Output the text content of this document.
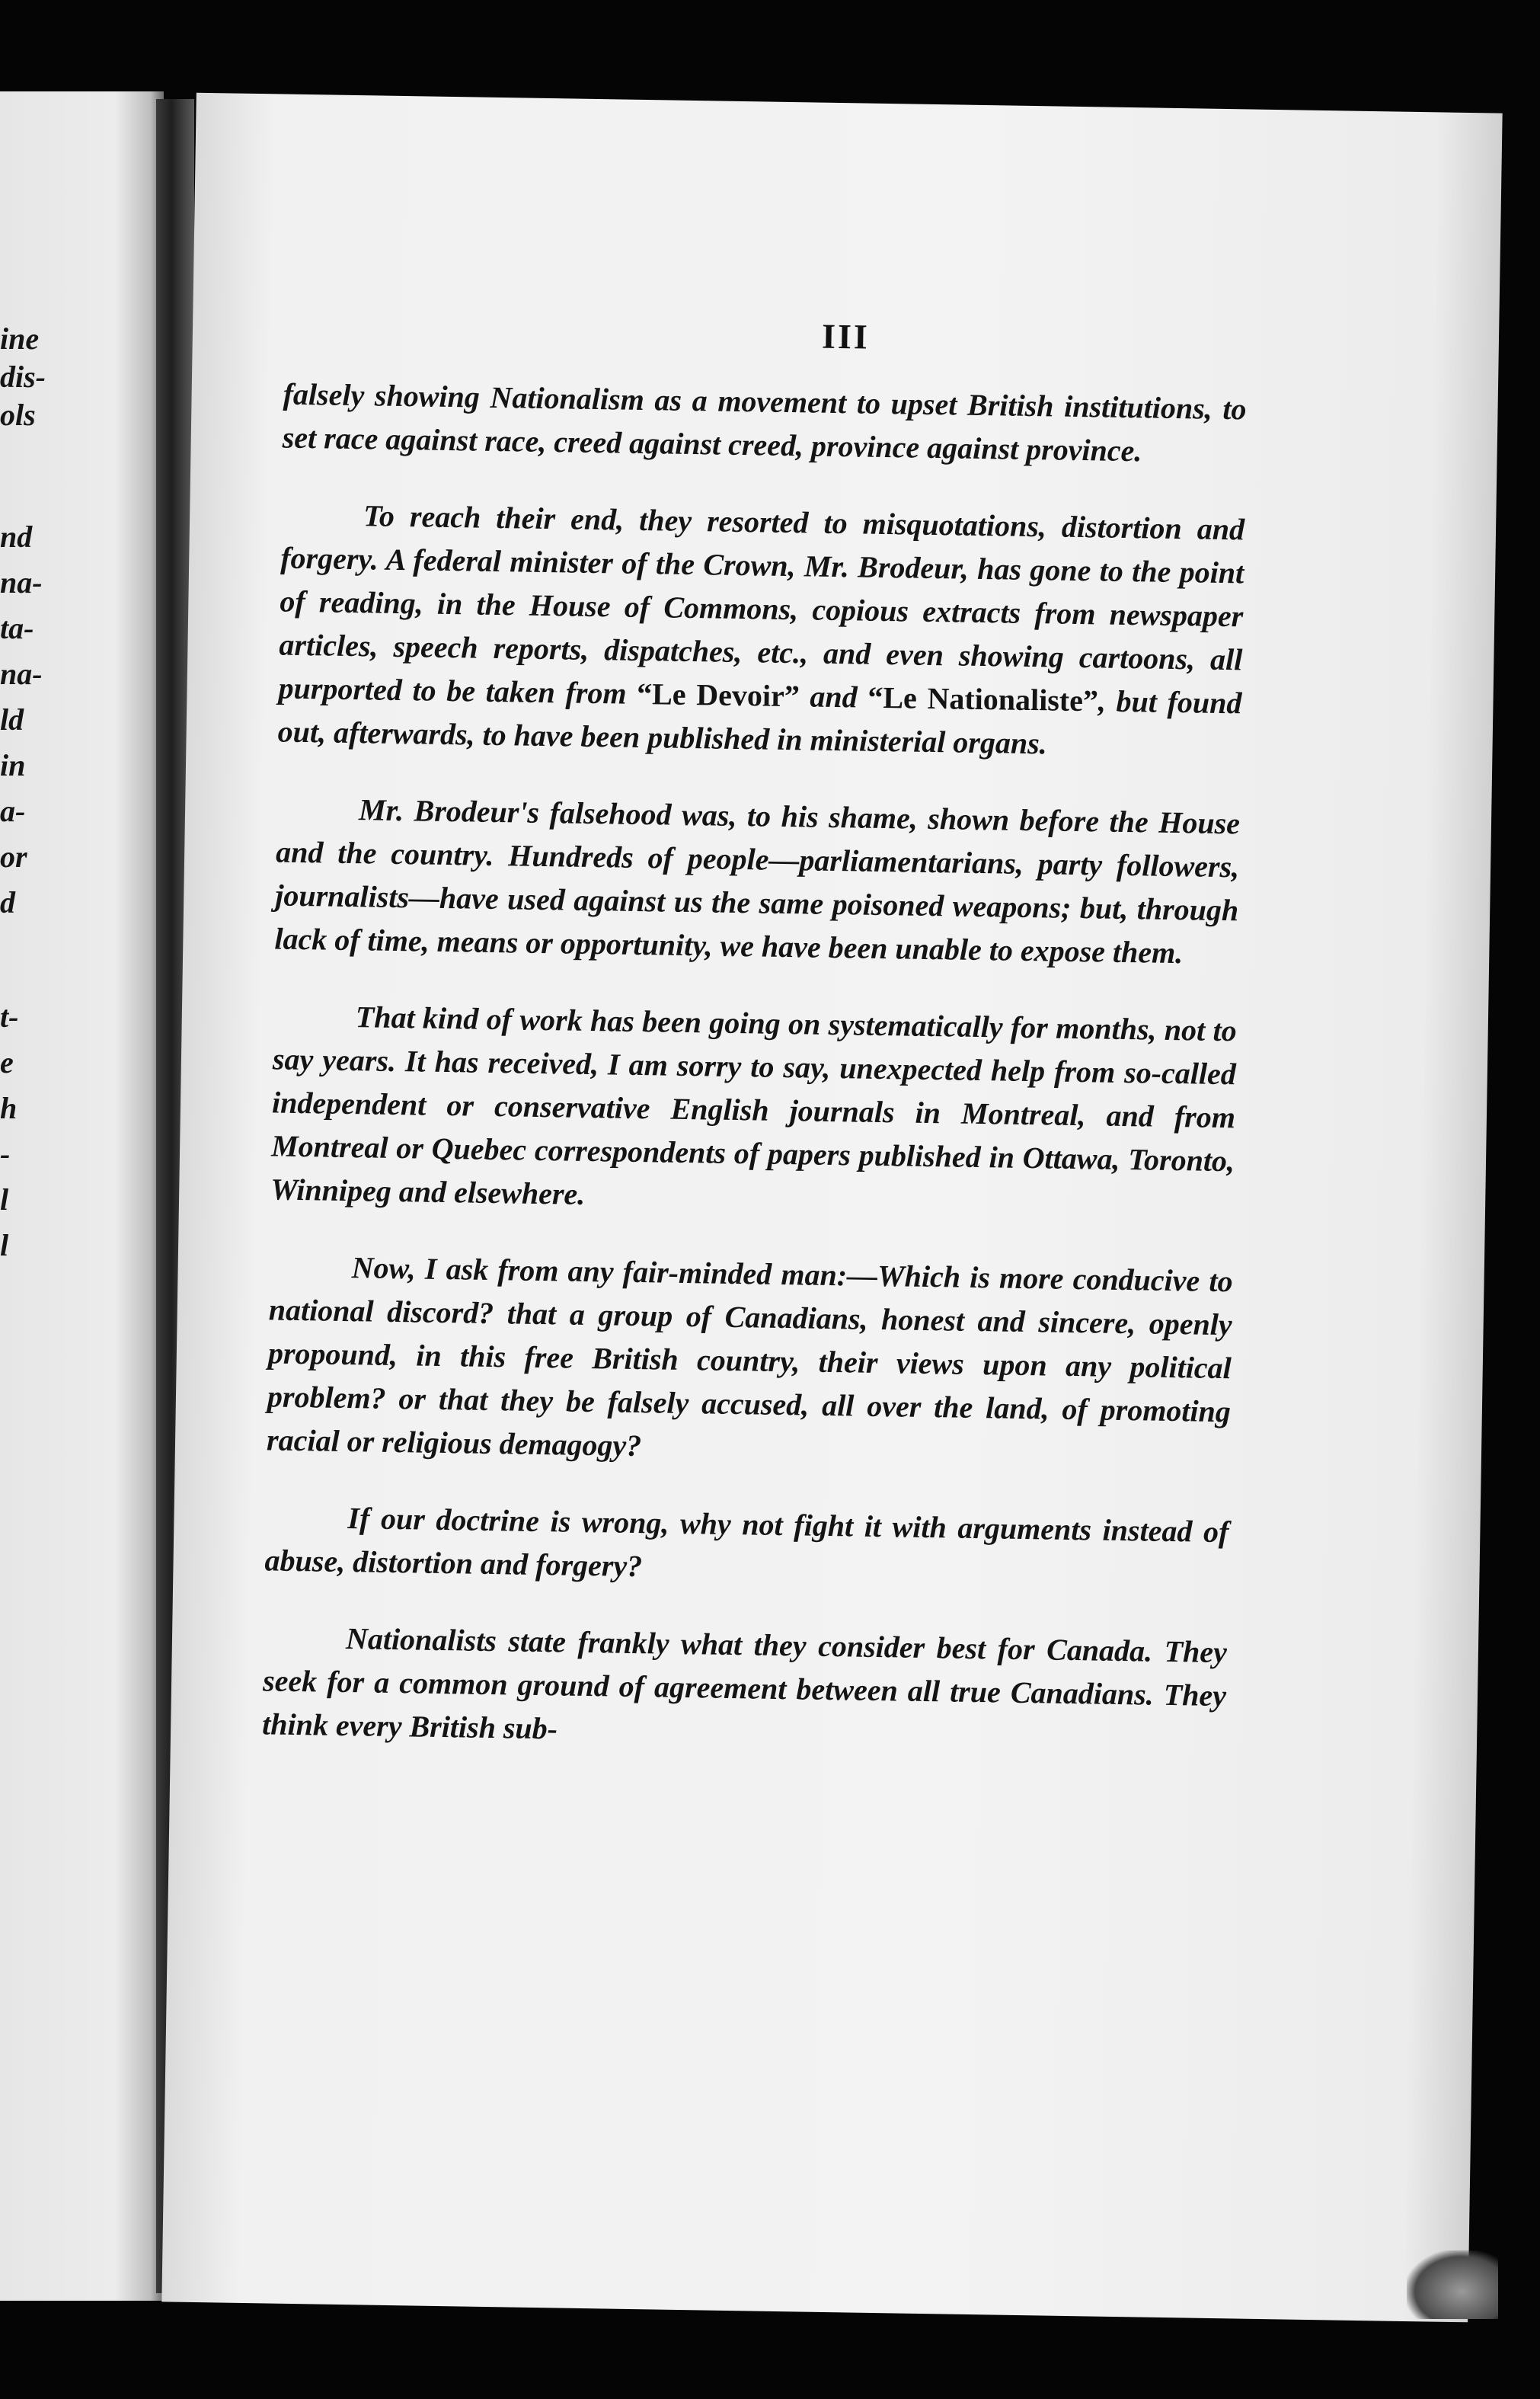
ine

dis-

ols

nd

na-

ta-

na-

ld

in

a-

or

d

t-

e

h

-

l

l

III

falsely showing Nationalism as a movement to upset British institutions, to set race against race, creed against creed, province against province.

To reach their end, they resorted to misquotations, distortion and forgery. A federal minister of the Crown, Mr. Brodeur, has gone to the point of reading, in the House of Commons, copious extracts from newspaper articles, speech reports, dispatches, etc., and even showing cartoons, all purported to be taken from “Le Devoir” and “Le Nationaliste”, but found out, afterwards, to have been published in ministerial organs.

Mr. Brodeur's falsehood was, to his shame, shown before the House and the country. Hundreds of people—parliamentarians, party followers, journalists—have used against us the same poisoned weapons; but, through lack of time, means or opportunity, we have been unable to expose them.

That kind of work has been going on systematically for months, not to say years. It has received, I am sorry to say, unexpected help from so-called independent or conservative English journals in Montreal, and from Montreal or Quebec correspondents of papers published in Ottawa, Toronto, Winnipeg and elsewhere.

Now, I ask from any fair-minded man:—Which is more conducive to national discord? that a group of Canadians, honest and sincere, openly propound, in this free British country, their views upon any political problem? or that they be falsely accused, all over the land, of promoting racial or religious demagogy?

If our doctrine is wrong, why not fight it with arguments instead of abuse, distortion and forgery?

Nationalists state frankly what they consider best for Canada. They seek for a common ground of agreement between all true Canadians. They think every British sub-
